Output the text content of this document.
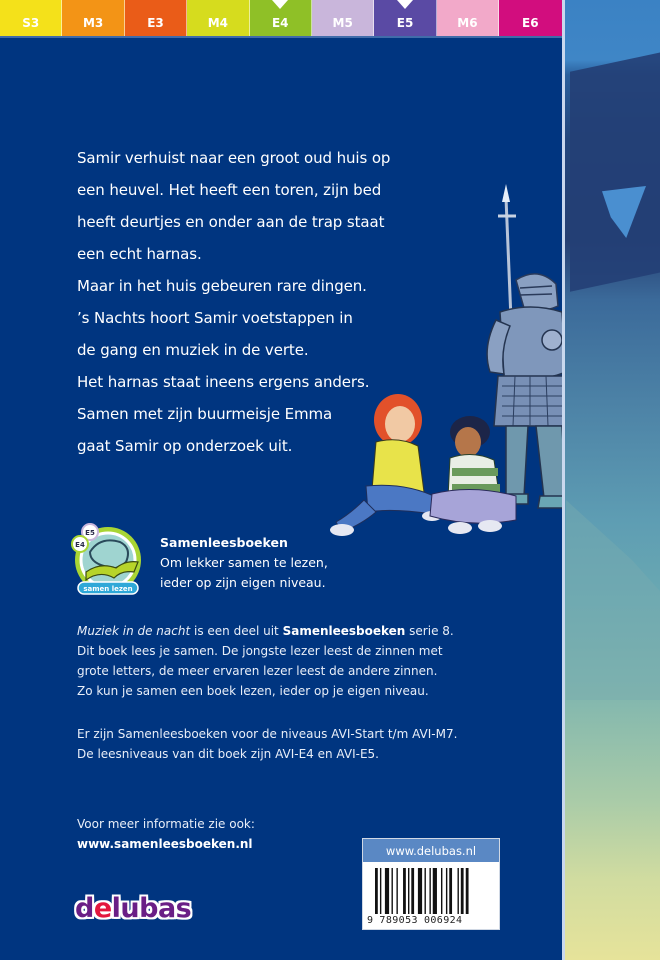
S3	M3	E3	M4	E4	M5	E5	M6	E6

Samir verhuist naar een groot oud huis op

een heuvel. Het heeft een toren, zijn bed

heeft deurtjes en onder aan de trap staat

een echt harnas.

Maar in het huis gebeuren rare dingen.

’s Nachts hoort Samir voetstappen in

de gang en muziek in de verte.

Het harnas staat ineens ergens anders.

Samen met zijn buurmeisje Emma

gaat Samir op onderzoek uit.

E5
E4
samen lezen
Samenleesboeken
Om lekker samen te lezen,
ieder op zijn eigen niveau.
Muziek in de nacht is een deel uit Samenleesboeken serie 8.
Dit boek lees je samen. De jongste lezer leest de zinnen met
grote letters, de meer ervaren lezer leest de andere zinnen.
Zo kun je samen een boek lezen, ieder op je eigen niveau.
Er zijn Samenleesboeken voor de niveaus AVI-Start t/m AVI-M7.
De leesniveaus van dit boek zijn AVI-E4 en AVI-E5.
Voor meer informatie zie ook:
www.samenleesboeken.nl
delubas
www.delubas.nl
9 789053 006924
